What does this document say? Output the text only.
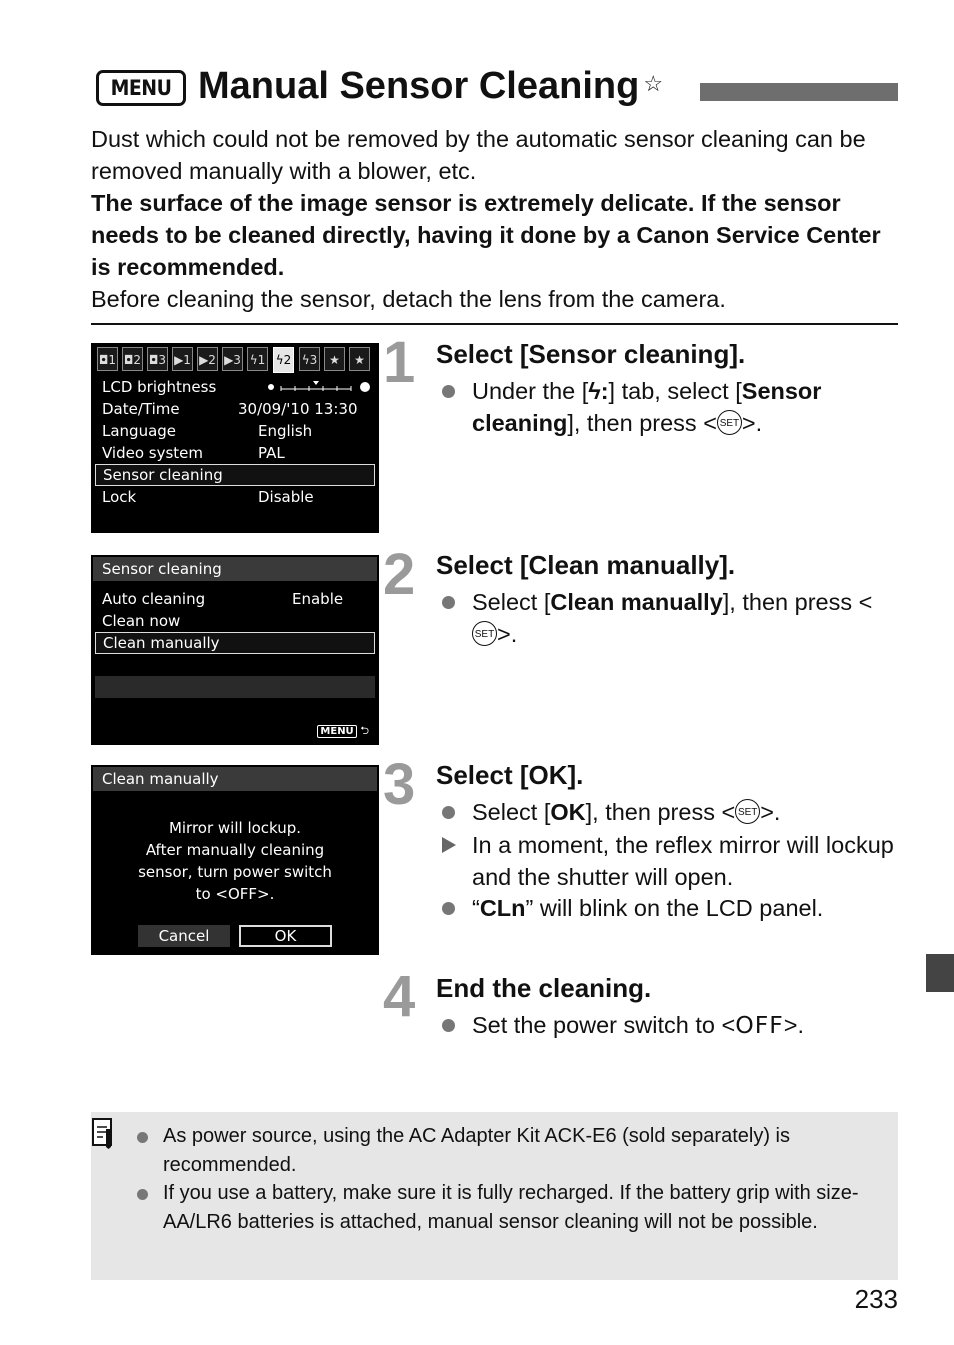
MENU Manual Sensor Cleaning ☆

Dust which could not be removed by the automatic sensor cleaning can be removed manually with a blower, etc.

The surface of the image sensor is extremely delicate. If the sensor needs to be cleaned directly, having it done by a Canon Service Center is recommended.

Before cleaning the sensor, detach the lens from the camera.

◘1 ◘2 ◘3 ▶1 ▶2 ▶3 ϟ1 ϟ2 ϟ3 ★	★
LCD brightness
Date/Time	30/09/'10 13:30
Language	English
Video system	PAL
Sensor cleaning
Lock	Disable
Sensor cleaning
Auto cleaning	Enable
Clean now
Clean manually
MENU ⮌
Clean manually
Mirror will lockup.
After manually cleaning
sensor, turn power switch
to <OFF>.
Cancel	OK
1 Select [Sensor cleaning].
Under the [ϟ:] tab, select [Sensor cleaning], then press < SET >.
2 Select [Clean manually].
Select [Clean manually], then press <SET >.
3 Select [OK].
Select [OK], then press < SET >.
In a moment, the reflex mirror will lockup and the shutter will open.
“CLn” will blink on the LCD panel.
4 End the cleaning.
Set the power switch to <OFF>.
As power source, using the AC Adapter Kit ACK-E6 (sold separately) is recommended.
If you use a battery, make sure it is fully recharged. If the battery grip with size-AA/LR6 batteries is attached, manual sensor cleaning will not be possible.
233
